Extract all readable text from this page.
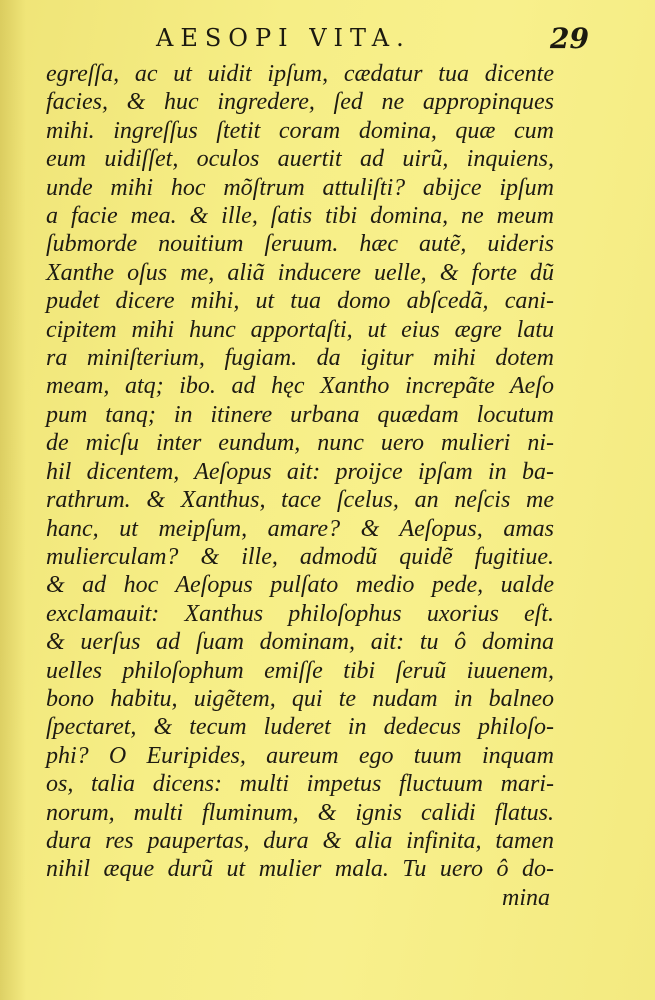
AESOPI VITA.	29
egreſſa, ac ut uidit ipſum, cædatur tua dicente
facies, & huc ingredere, ſed ne appropinques
mihi. ingreſſus ſtetit coram domina, quæ cum
eum uidiſſet, oculos auertit ad uirũ, inquiens,
unde mihi hoc mõſtrum attuliſti? abijce ipſum
a facie mea. & ille, ſatis tibi domina, ne meum
ſubmorde nouitium ſeruum. hæc autẽ, uideris
Xanthe oſus me, aliã inducere uelle, & forte dũ
pudet dicere mihi, ut tua domo abſcedã, cani-
cipitem mihi hunc apportaſti, ut eius ægre latu
ra miniſterium, fugiam. da igitur mihi dotem
meam, atq; ibo. ad hęc Xantho increpãte Aeſo
pum tanq; in itinere urbana quædam locutum
de micſu inter eundum, nunc uero mulieri ni-
hil dicentem, Aeſopus ait: proijce ipſam in ba-
rathrum. & Xanthus, tace ſcelus, an neſcis me
hanc, ut meipſum, amare? & Aeſopus, amas
mulierculam? & ille, admodũ quidẽ fugitiue.
& ad hoc Aeſopus pulſato medio pede, ualde
exclamauit: Xanthus philoſophus uxorius eſt.
& uerſus ad ſuam dominam, ait: tu ô domina
uelles philoſophum emiſſe tibi ſeruũ iuuenem,
bono habitu, uigẽtem, qui te nudam in balneo
ſpectaret, & tecum luderet in dedecus philoſo-
phi? O Euripides, aureum ego tuum inquam
os, talia dicens: multi impetus fluctuum mari-
norum, multi fluminum, & ignis calidi flatus.
dura res paupertas, dura & alia infinita, tamen
nihil æque durũ ut mulier mala. Tu uero ô do-
mina
